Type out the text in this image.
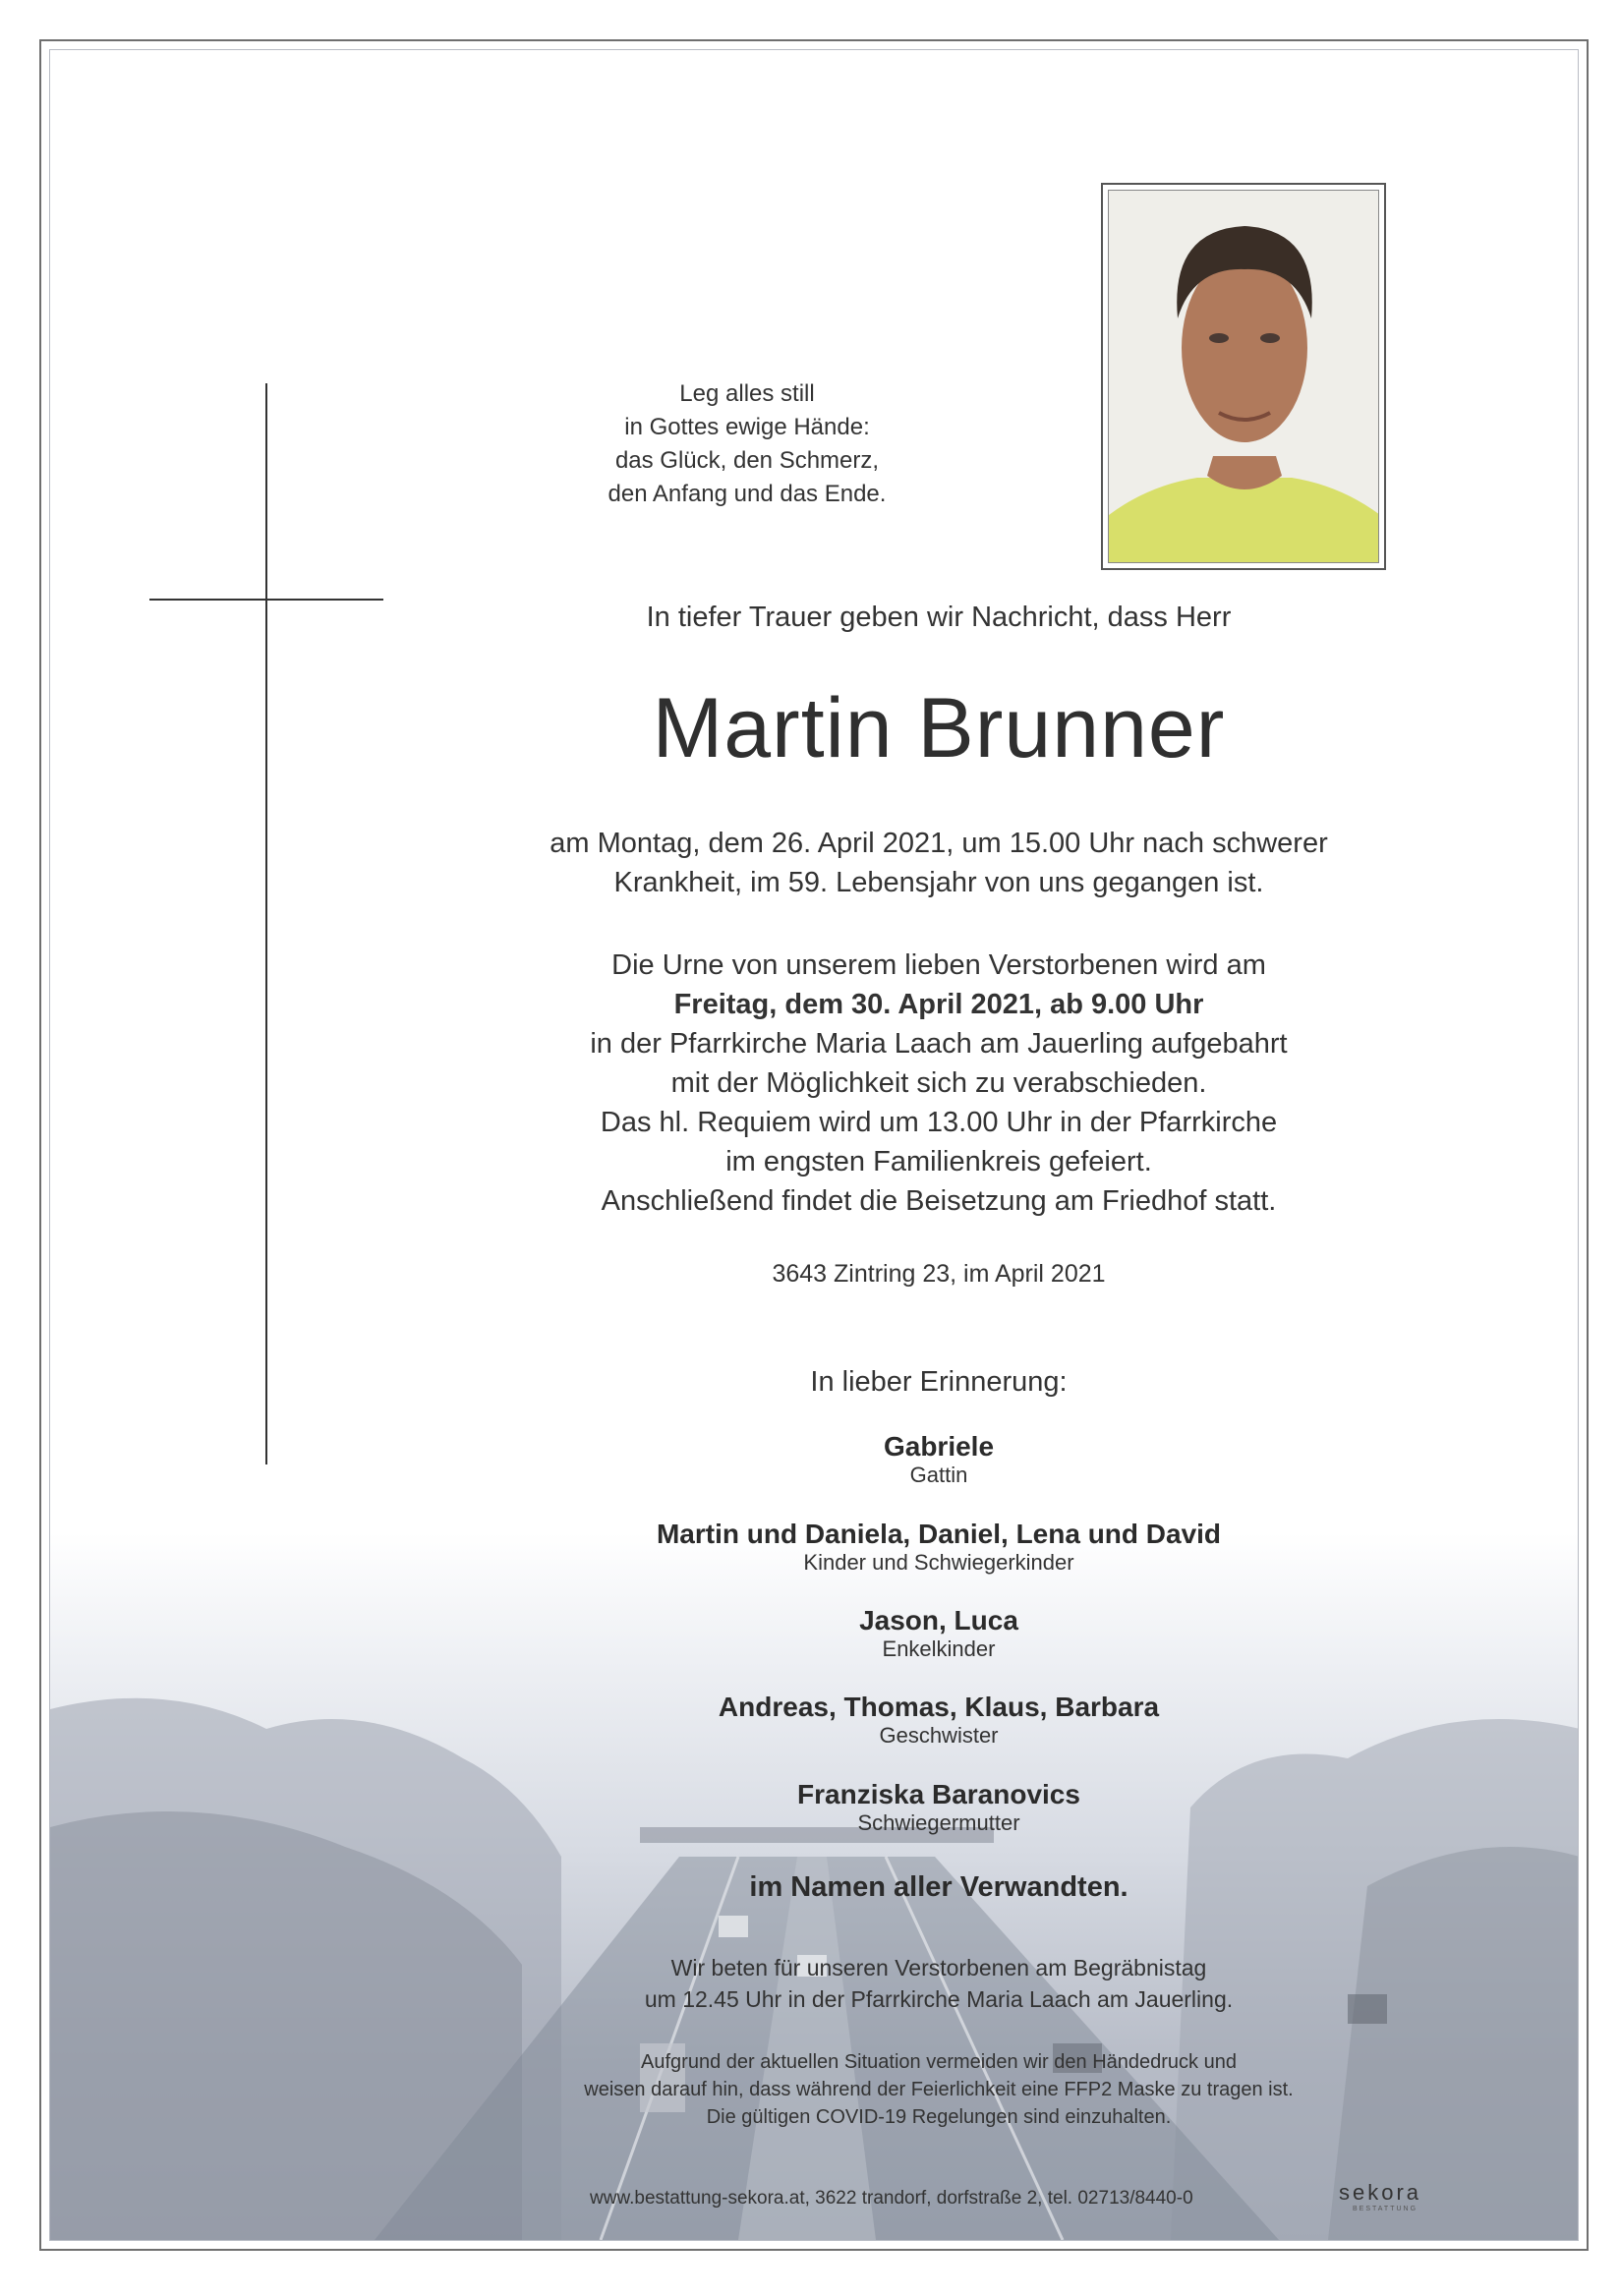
Leg alles still
in Gottes ewige Hände:
das Glück, den Schmerz,
den Anfang und das Ende.
In tiefer Trauer geben wir Nachricht, dass Herr
Martin Brunner
am Montag, dem 26. April 2021, um 15.00 Uhr nach schwerer
Krankheit, im 59. Lebensjahr von uns gegangen ist.
Die Urne von unserem lieben Verstorbenen wird am
Freitag, dem 30. April 2021, ab 9.00 Uhr
in der Pfarrkirche Maria Laach am Jauerling aufgebahrt
mit der Möglichkeit sich zu verabschieden.
Das hl. Requiem wird um 13.00 Uhr in der Pfarrkirche
im engsten Familienkreis gefeiert.
Anschließend findet die Beisetzung am Friedhof statt.
3643 Zintring 23, im April 2021
In lieber Erinnerung:
Gabriele
Gattin
Martin und Daniela, Daniel, Lena und David
Kinder und Schwiegerkinder
Jason, Luca
Enkelkinder
Andreas, Thomas, Klaus, Barbara
Geschwister
Franziska Baranovics
Schwiegermutter
im Namen aller Verwandten.
Wir beten für unseren Verstorbenen am Begräbnistag
um 12.45 Uhr in der Pfarrkirche Maria Laach am Jauerling.
Aufgrund der aktuellen Situation vermeiden wir den Händedruck und
weisen darauf hin, dass während der Feierlichkeit eine FFP2 Maske zu tragen ist.
Die gültigen COVID-19 Regelungen sind einzuhalten.
www.bestattung-sekora.at, 3622 trandorf, dorfstraße 2, tel. 02713/8440-0	sekora
BESTATTUNG
